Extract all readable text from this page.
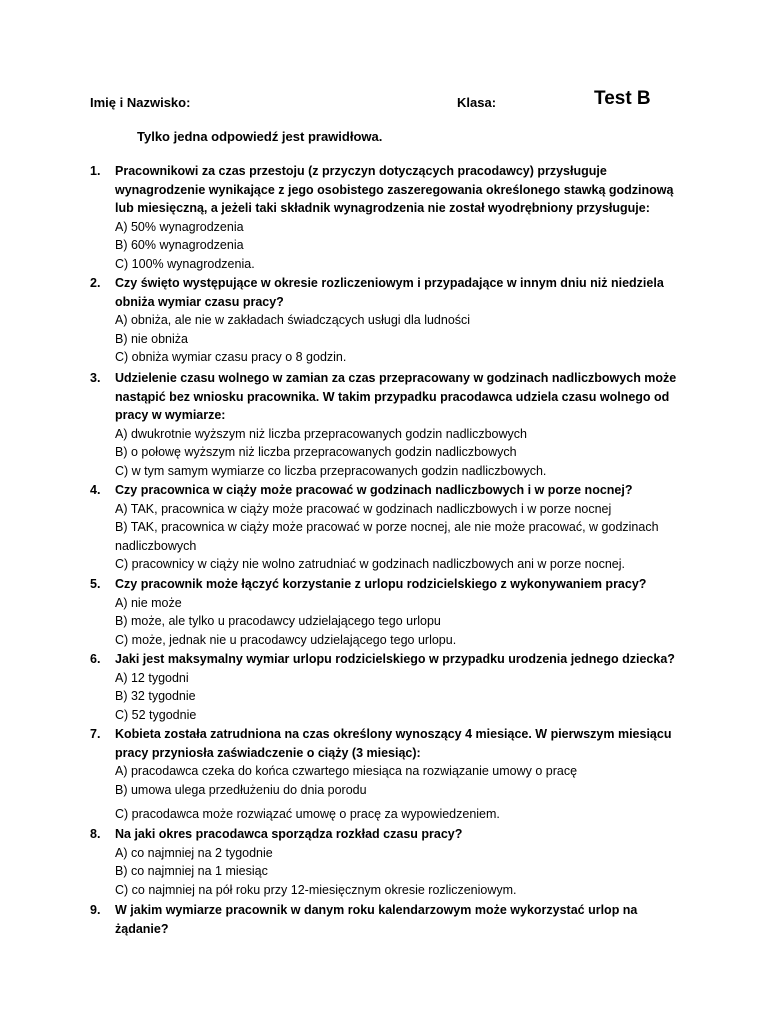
Imię i Nazwisko:	Klasa:	Test B
Tylko jedna odpowiedź jest prawidłowa.
1. Pracownikowi za czas przestoju (z przyczyn dotyczących pracodawcy) przysługuje wynagrodzenie wynikające z jego osobistego zaszeregowania określonego stawką godzinową lub miesięczną, a jeżeli taki składnik wynagrodzenia nie został wyodrębniony przysługuje:
A) 50% wynagrodzenia
B) 60% wynagrodzenia
C) 100% wynagrodzenia.
2. Czy święto występujące w okresie rozliczeniowym i przypadające w innym dniu niż niedziela obniża wymiar czasu pracy?
A) obniża, ale nie w zakładach świadczących usługi dla ludności
B) nie obniża
C) obniża wymiar czasu pracy o 8 godzin.
3. Udzielenie czasu wolnego w zamian za czas przepracowany w godzinach nadliczbowych może nastąpić bez wniosku pracownika. W takim przypadku pracodawca udziela czasu wolnego od pracy w wymiarze:
A) dwukrotnie wyższym niż liczba przepracowanych godzin nadliczbowych
B) o połowę wyższym niż liczba przepracowanych godzin nadliczbowych
C) w tym samym wymiarze co liczba przepracowanych godzin nadliczbowych.
4. Czy pracownica w ciąży może pracować w godzinach nadliczbowych i w porze nocnej?
A) TAK, pracownica w ciąży może pracować w godzinach nadliczbowych i w porze nocnej
B) TAK, pracownica w ciąży może pracować w porze nocnej, ale nie może pracować, w godzinach nadliczbowych
C) pracownicy w ciąży nie wolno zatrudniać w godzinach nadliczbowych ani w porze nocnej.
5. Czy pracownik może łączyć korzystanie z urlopu rodzicielskiego z wykonywaniem pracy?
A) nie może
B) może, ale tylko u pracodawcy udzielającego tego urlopu
C) może, jednak nie u pracodawcy udzielającego tego urlopu.
6. Jaki jest maksymalny wymiar urlopu rodzicielskiego w przypadku urodzenia jednego dziecka?
A) 12 tygodni
B) 32 tygodnie
C) 52 tygodnie
7. Kobieta została zatrudniona na czas określony wynoszący 4 miesiące. W pierwszym miesiącu pracy przyniosła zaświadczenie o ciąży (3 miesiąc):
A) pracodawca czeka do końca czwartego miesiąca na rozwiązanie umowy o pracę
B) umowa ulega przedłużeniu do dnia porodu
C) pracodawca może rozwiązać umowę o pracę za wypowiedzeniem.
8. Na jaki okres pracodawca sporządza rozkład czasu pracy?
A) co najmniej na 2 tygodnie
B) co najmniej na 1 miesiąc
C) co najmniej na pół roku przy 12-miesięcznym okresie rozliczeniowym.
9. W jakim wymiarze pracownik w danym roku kalendarzowym może wykorzystać urlop na żądanie?
